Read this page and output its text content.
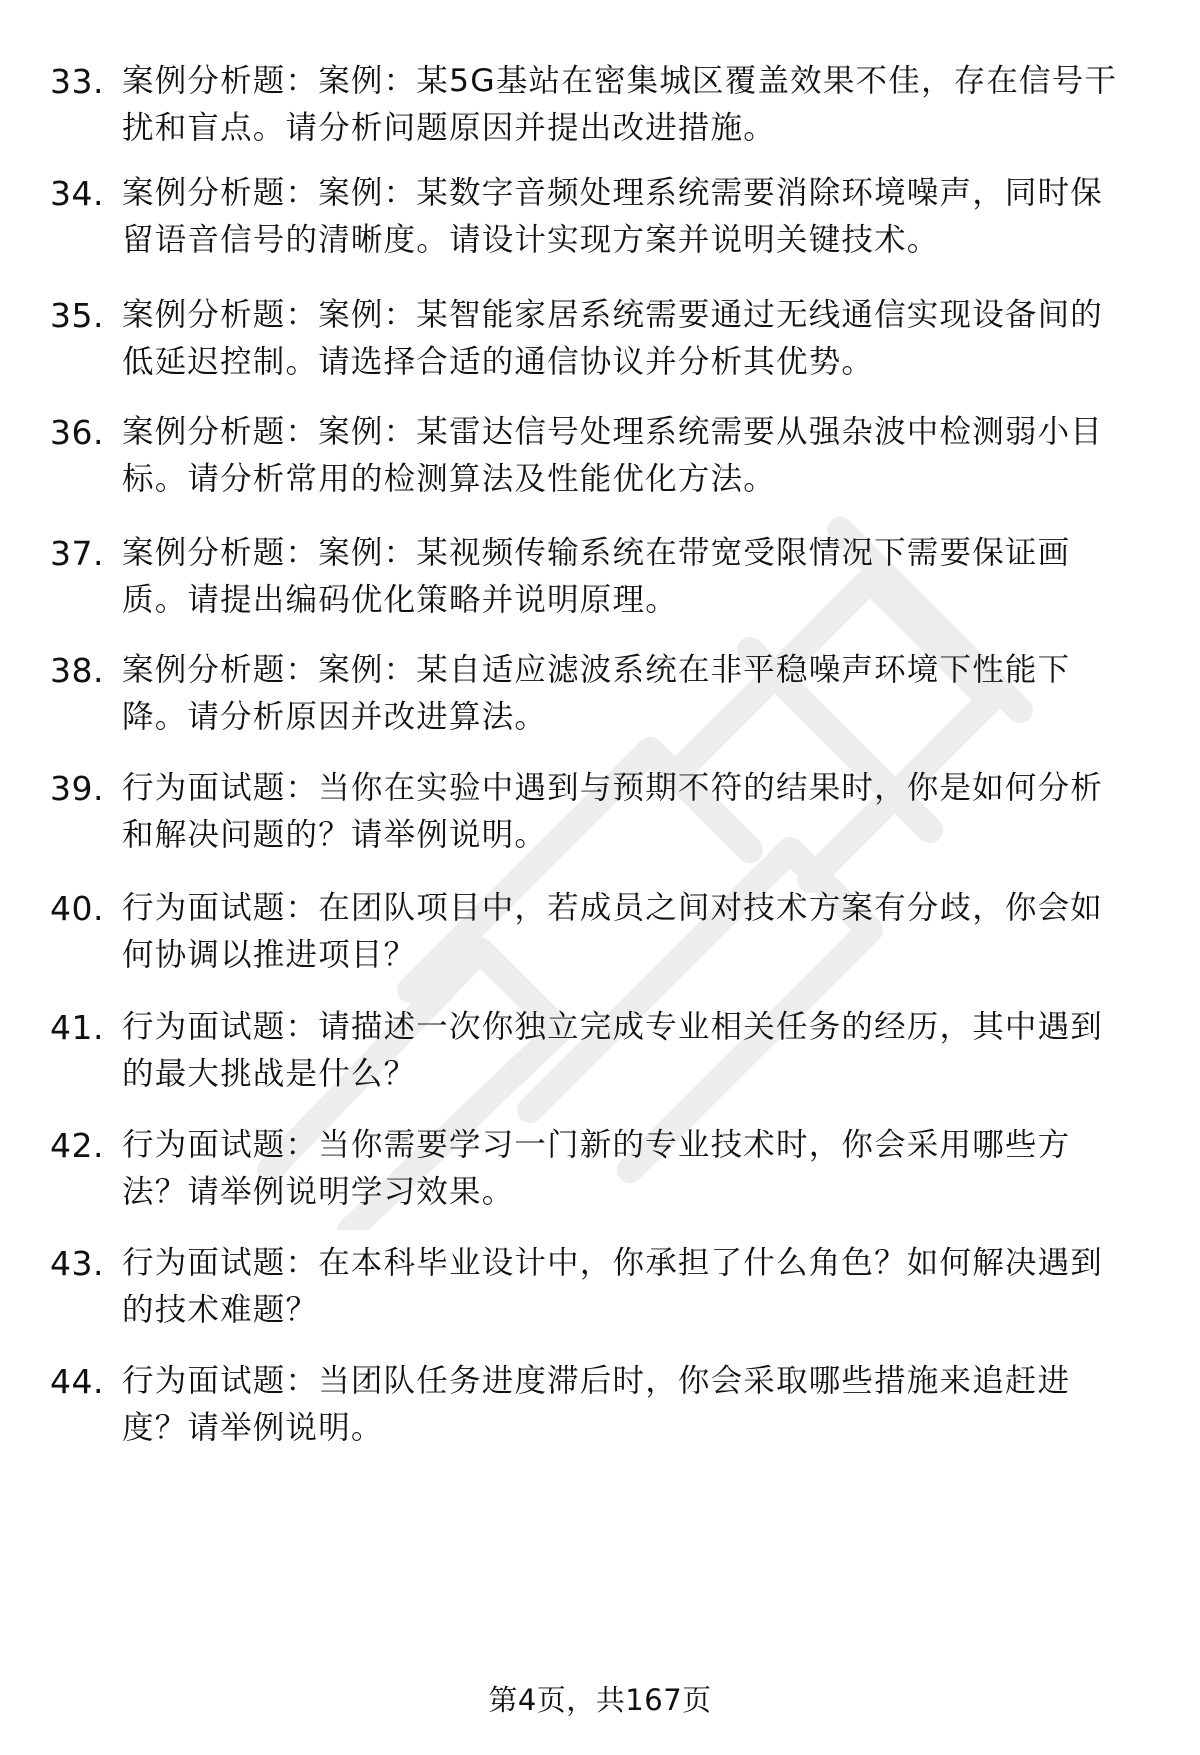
33. 案例分析题：案例：某5G基站在密集城区覆盖效果不佳，存在信号干扰和盲点。请分析问题原因并提出改进措施。
34. 案例分析题：案例：某数字音频处理系统需要消除环境噪声，同时保留语音信号的清晰度。请设计实现方案并说明关键技术。
35. 案例分析题：案例：某智能家居系统需要通过无线通信实现设备间的低延迟控制。请选择合适的通信协议并分析其优势。
36. 案例分析题：案例：某雷达信号处理系统需要从强杂波中检测弱小目标。请分析常用的检测算法及性能优化方法。
37. 案例分析题：案例：某视频传输系统在带宽受限情况下需要保证画质。请提出编码优化策略并说明原理。
38. 案例分析题：案例：某自适应滤波系统在非平稳噪声环境下性能下降。请分析原因并改进算法。
39. 行为面试题：当你在实验中遇到与预期不符的结果时，你是如何分析和解决问题的？请举例说明。
40. 行为面试题：在团队项目中，若成员之间对技术方案有分歧，你会如何协调以推进项目？
41. 行为面试题：请描述一次你独立完成专业相关任务的经历，其中遇到的最大挑战是什么？
42. 行为面试题：当你需要学习一门新的专业技术时，你会采用哪些方法？请举例说明学习效果。
43. 行为面试题：在本科毕业设计中，你承担了什么角色？如何解决遇到的技术难题？
44. 行为面试题：当团队任务进度滞后时，你会采取哪些措施来追赶进度？请举例说明。
第4页，共167页
